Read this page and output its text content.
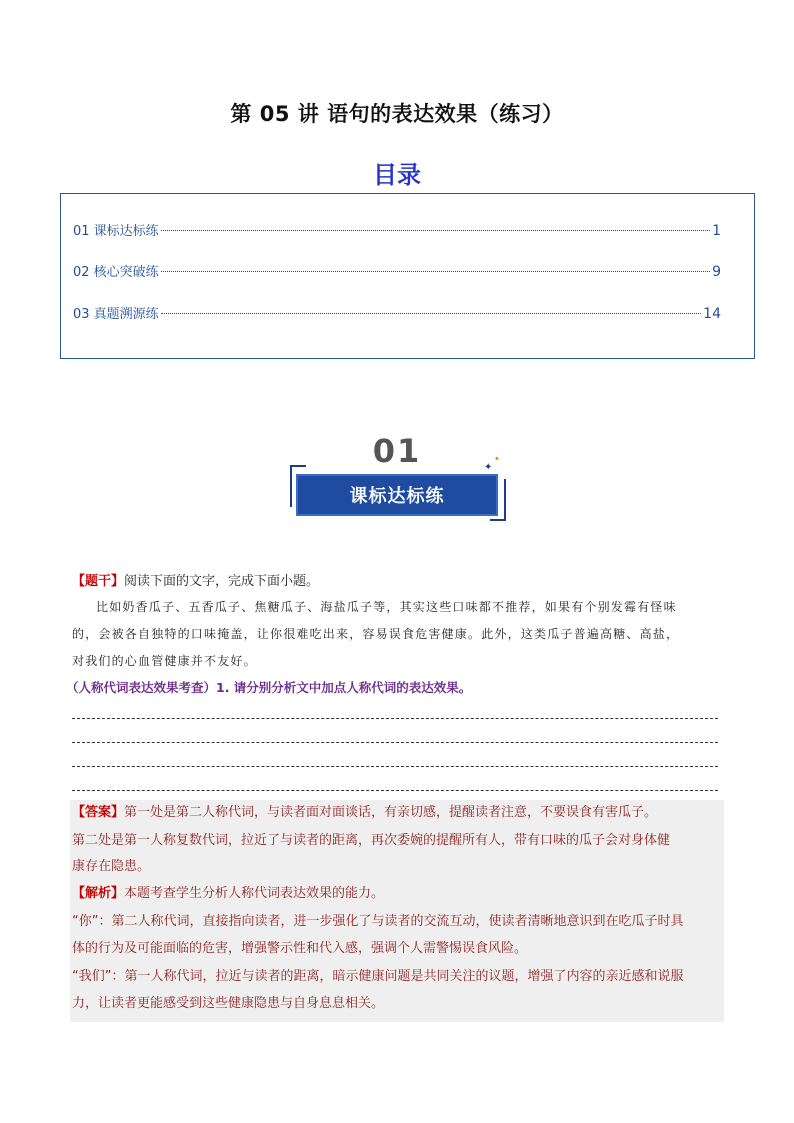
第 05 讲 语句的表达效果（练习）
目录
01 课标达标练	1
02 核心突破练	9
03 真题溯源练	14
01
课标达标练
✦
✦
【题干】阅读下面的文字，完成下面小题。
比如奶香瓜子、五香瓜子、焦糖瓜子、海盐瓜子等，其实这些口味都不推荐，如果有个别发霉有怪味
的，会被各自独特的口味掩盖，让你很难吃出来，容易误食危害健康。此外，这类瓜子普遍高糖、高盐，
对我们的心血管健康并不友好。
（人称代词表达效果考查）1. 请分别分析文中加点人称代词的表达效果。
【答案】第一处是第二人称代词，与读者面对面谈话，有亲切感，提醒读者注意，不要误食有害瓜子。
第二处是第一人称复数代词，拉近了与读者的距离，再次委婉的提醒所有人，带有口味的瓜子会对身体健
康存在隐患。
【解析】本题考查学生分析人称代词表达效果的能力。
“你”：第二人称代词，直接指向读者，进一步强化了与读者的交流互动，使读者清晰地意识到在吃瓜子时具
体的行为及可能面临的危害，增强警示性和代入感，强调个人需警惕误食风险。
“我们”：第一人称代词，拉近与读者的距离，暗示健康问题是共同关注的议题，增强了内容的亲近感和说服
力，让读者更能感受到这些健康隐患与自身息息相关。
